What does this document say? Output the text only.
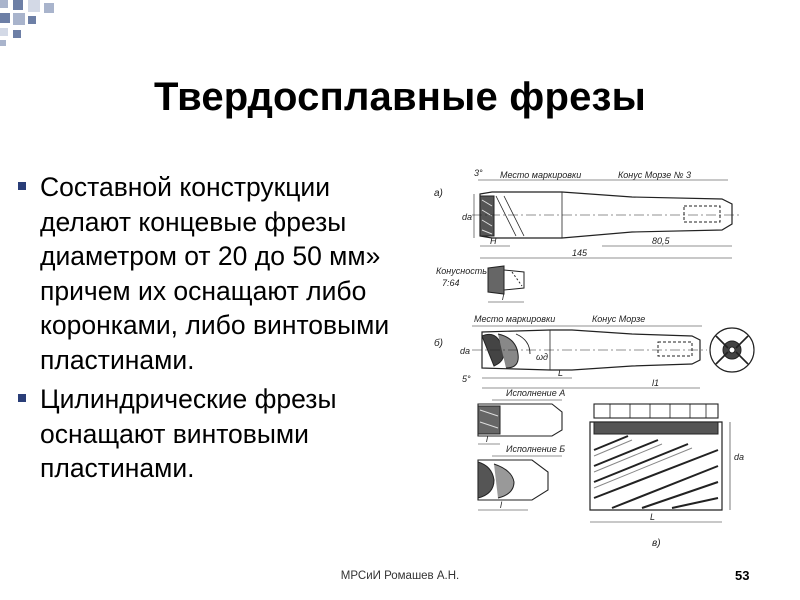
Твердосплавные фрезы
Составной конструкции делают концевые фрезы диаметром от 20 до 50 мм» причем их оснащают либо коронками, либо винтовыми пластинами.
Цилиндрические фрезы оснащают винтовыми пластинами.
а)
3° Место маркировки	Конус Морзе № 3
dа
H
145
80,5
Конусность
7:64
l
б)
Место маркировки	Конус Морзе
dа
ωд
L
l1
5°
Исполнение А
l
Исполнение Б
l
dа
L
в)
МРСиИ Ромашев А.Н.	53
